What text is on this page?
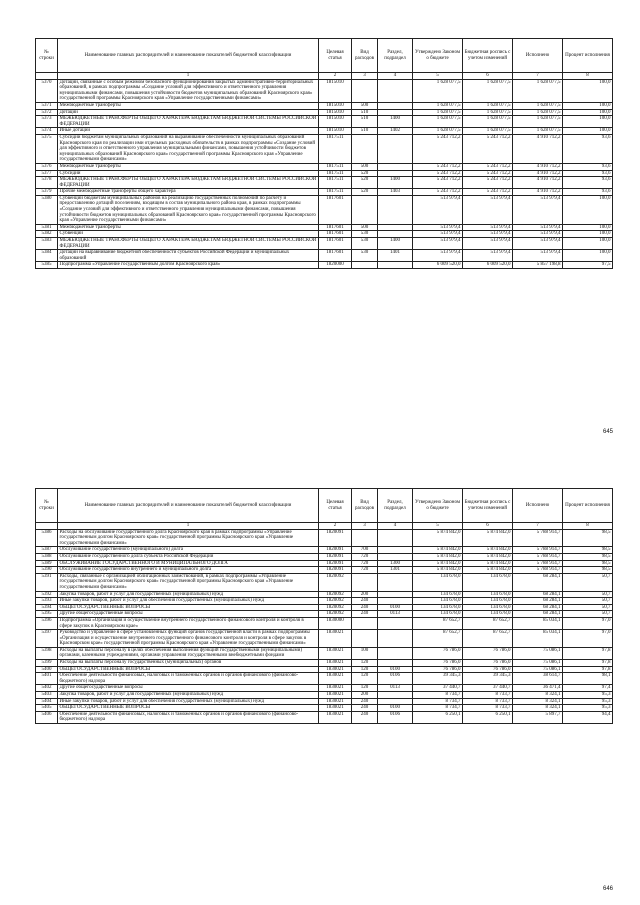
№ строки	Наименование главных распорядителей и наименование показателей бюджетной классификации	Целевая статья	Вид расходов	Раздел, подраздел	Утверждено Законом о бюджете	Бюджетная роспись с учетом изменений	Исполнено	Процент исполнения
	1	2	3	4	5	6	7	8
5370	Дотации, связанные с особым режимом безопасного функционирования закрытых административно-территориальных образований, в рамках подпрограммы «Создание условий для эффективного и ответственного управления муниципальными финансами, повышения устойчивости бюджетов муниципальных образований Красноярского края» государственной программы Красноярского края «Управление государственными финансами»	1815010			1 628 077,5	1 628 077,5	1 628 077,5	100,0
5371	Межбюджетные трансферты	1815010	500		1 628 077,5	1 628 077,5	1 628 077,5	100,0
5372	Дотации	1815010	510		1 628 077,5	1 628 077,5	1 628 077,5	100,0
5373	МЕЖБЮДЖЕТНЫЕ ТРАНСФЕРТЫ ОБЩЕГО ХАРАКТЕРА БЮДЖЕТАМ БЮДЖЕТНОЙ СИСТЕМЫ РОССИЙСКОЙ ФЕДЕРАЦИИ	1815010	510	1400	1 628 077,5	1 628 077,5	1 628 077,5	100,0
5374	Иные дотации	1815010	510	1402	1 628 077,5	1 628 077,5	1 628 077,5	100,0
5375	Субсидии бюджетам муниципальных образований на выравнивание обеспеченности муниципальных образований Красноярского края по реализации ими отдельных расходных обязательств в рамках подпрограммы «Создание условий для эффективного и ответственного управления муниципальными финансами, повышения устойчивости бюджетов муниципальных образований Красноярского края» государственной программы Красноярского края «Управление государственными финансами»	1817511			5 243 712,2	5 243 712,2	4 910 712,2	93,6
5376	Межбюджетные трансферты	1817511	500		5 243 712,2	5 243 712,2	4 910 712,2	93,6
5377	Субсидии	1817511	520		5 243 712,2	5 243 712,2	4 910 712,2	93,6
5378	МЕЖБЮДЖЕТНЫЕ ТРАНСФЕРТЫ ОБЩЕГО ХАРАКТЕРА БЮДЖЕТАМ БЮДЖЕТНОЙ СИСТЕМЫ РОССИЙСКОЙ ФЕДЕРАЦИИ	1817511	520	1400	5 243 712,2	5 243 712,2	4 910 712,2	93,6
5379	Прочие межбюджетные трансферты общего характера	1817511	520	1403	5 243 712,2	5 243 712,2	4 910 712,2	93,6
5380	Субвенции бюджетам муниципальных районов на реализацию государственных полномочий по расчету и предоставлению дотаций поселениям, входящим в состав муниципального района края, в рамках подпрограммы «Создание условий для эффективного и ответственного управления муниципальными финансами, повышения устойчивости бюджетов муниципальных образований Красноярского края» государственной программы Красноярского края «Управление государственными финансами»	1817601			513 979,4	513 979,4	513 979,4	100,0
5381	Межбюджетные трансферты	1817601	500		513 979,4	513 979,4	513 979,4	100,0
5382	Субвенции	1817601	530		513 979,4	513 979,4	513 979,4	100,0
5383	МЕЖБЮДЖЕТНЫЕ ТРАНСФЕРТЫ ОБЩЕГО ХАРАКТЕРА БЮДЖЕТАМ БЮДЖЕТНОЙ СИСТЕМЫ РОССИЙСКОЙ ФЕДЕРАЦИИ	1817601	530	1400	513 979,4	513 979,4	513 979,4	100,0
5384	Дотации на выравнивание бюджетной обеспеченности субъектов Российской Федерации и муниципальных образований	1817601	530	1401	513 979,4	513 979,4	513 979,4	100,0
5385	Подпрограмма «Управление государственным долгом Красноярского края»	1820000			6 009 520,0	6 009 520,0	5 857 198,8	97,5
645
№ строки	Наименование главных распорядителей и наименование показателей бюджетной классификации	Целевая статья	Вид расходов	Раздел, подраздел	Утверждено Законом о бюджете	Бюджетная роспись с учетом изменений	Исполнено	Процент исполнения
	1	2	3	4	5	6	7	8
5386	Расходы на обслуживание государственного долга Красноярского края в рамках подпрограммы «Управление государственным долгом Красноярского края» государственной программы Красноярского края «Управление государственными финансами»	1820091			5 874 842,0	5 874 842,0	5 788 914,7	98,5
5387	Обслуживание государственного (муниципального) долга	1820091	700		5 874 842,0	5 874 842,0	5 788 914,7	98,5
5388	Обслуживание государственного долга субъекта Российской Федерации	1820091	720		5 874 842,0	5 874 842,0	5 788 914,7	98,5
5389	ОБСЛУЖИВАНИЕ ГОСУДАРСТВЕННОГО И МУНИЦИПАЛЬНОГО ДОЛГА	1820091	720	1300	5 874 842,0	5 874 842,0	5 788 914,7	98,5
5390	Обслуживание государственного внутреннего и муниципального долга	1820091	720	1301	5 874 842,0	5 874 842,0	5 788 914,7	98,5
5391	Расходы, связанные с организацией облигационных заимствований, в рамках подпрограммы «Управление государственным долгом Красноярского края» государственной программы Красноярского края «Управление государственными финансами»	1820092			134 678,0	134 678,0	68 284,1	50,7
5392	Закупка товаров, работ и услуг для государственных (муниципальных) нужд	1820092	200		134 678,0	134 678,0	68 284,1	50,7
5393	Иные закупки товаров, работ и услуг для обеспечения государственных (муниципальных) нужд	1820092	240		134 678,0	134 678,0	68 284,1	50,7
5394	ОБЩЕГОСУДАРСТВЕННЫЕ ВОПРОСЫ	1820092	240	0100	134 678,0	134 678,0	68 284,1	50,7
5395	Другие общегосударственные вопросы	1820092	240	0113	134 678,0	134 678,0	68 284,1	50,7
5396	Подпрограмма «Организация и осуществление внутреннего государственного финансового контроля и контроля в сфере закупок в Красноярском крае»	1830000			87 652,7	87 652,7	85 034,1	97,0
5397	Руководство и управление в сфере установленных функций органов государственной власти в рамках подпрограммы «Организация и осуществление внутреннего государственного финансового контроля и контроля в сфере закупок в Красноярском крае» государственной программы Красноярского края «Управление государственными финансами»	1830021			87 652,7	87 652,7	85 034,1	97,0
5398	Расходы на выплаты персоналу в целях обеспечения выполнения функций государственными (муниципальными) органами, казенными учреждениями, органами управления государственными внебюджетными фондами	1830021	100		76 786,0	76 786,0	75 086,1	97,8
5399	Расходы на выплаты персоналу государственных (муниципальных) органов	1830021	120		76 786,0	76 786,0	75 086,1	97,8
5400	ОБЩЕГОСУДАРСТВЕННЫЕ ВОПРОСЫ	1830021	120	0100	76 786,0	76 786,0	75 086,1	97,8
5401	Обеспечение деятельности финансовых, налоговых и таможенных органов и органов финансового (финансово-бюджетного) надзора	1830021	120	0106	39 345,3	39 345,3	38 614,7	98,1
5402	Другие общегосударственные вопросы	1830021	120	0113	37 440,7	37 440,7	36 471,4	97,4
5403	Закупка товаров, работ и услуг для государственных (муниципальных) нужд	1830021	200		8 734,7	8 733,7	8 324,1	95,3
5404	Иные закупки товаров, работ и услуг для обеспечения государственных (муниципальных) нужд	1830021	240		8 734,7	8 733,7	8 324,1	95,3
5405	ОБЩЕГОСУДАРСТВЕННЫЕ ВОПРОСЫ	1830021	240	0100	8 734,7	8 733,7	8 324,1	95,3
5406	Обеспечение деятельности финансовых, налоговых и таможенных органов и органов финансового (финансово-бюджетного) надзора	1830021	240	0106	6 250,1	6 250,1	5 897,7	94,4
646
